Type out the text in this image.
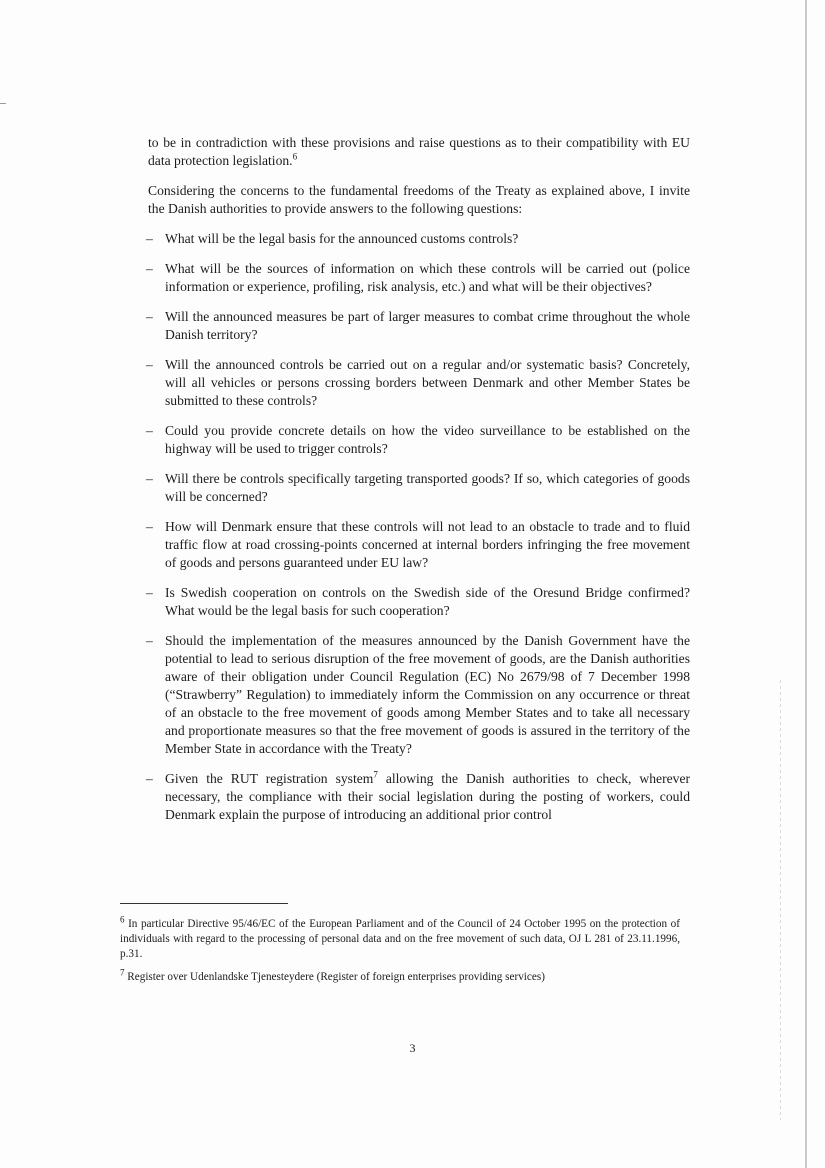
to be in contradiction with these provisions and raise questions as to their compatibility with EU data protection legislation.$^6$

Considering the concerns to the fundamental freedoms of the Treaty as explained above, I invite the Danish authorities to provide answers to the following questions:

– What will be the legal basis for the announced customs controls?
– What will be the sources of information on which these controls will be carried out (police information or experience, profiling, risk analysis, etc.) and what will be their objectives?
– Will the announced measures be part of larger measures to combat crime throughout the whole Danish territory?
– Will the announced controls be carried out on a regular and/or systematic basis? Concretely, will all vehicles or persons crossing borders between Denmark and other Member States be submitted to these controls?
– Could you provide concrete details on how the video surveillance to be established on the highway will be used to trigger controls?
– Will there be controls specifically targeting transported goods? If so, which categories of goods will be concerned?
– How will Denmark ensure that these controls will not lead to an obstacle to trade and to fluid traffic flow at road crossing-points concerned at internal borders infringing the free movement of goods and persons guaranteed under EU law?
– Is Swedish cooperation on controls on the Swedish side of the Oresund Bridge confirmed? What would be the legal basis for such cooperation?
– Should the implementation of the measures announced by the Danish Government have the potential to lead to serious disruption of the free movement of goods, are the Danish authorities aware of their obligation under Council Regulation (EC) No 2679/98 of 7 December 1998 (“Strawberry” Regulation) to immediately inform the Commission on any occurrence or threat of an obstacle to the free movement of goods among Member States and to take all necessary and proportionate measures so that the free movement of goods is assured in the territory of the Member State in accordance with the Treaty?
– Given the RUT registration system$^7$ allowing the Danish authorities to check, wherever necessary, the compliance with their social legislation during the posting of workers, could Denmark explain the purpose of introducing an additional prior control
$^6$ In particular Directive 95/46/EC of the European Parliament and of the Council of 24 October 1995 on the protection of individuals with regard to the processing of personal data and on the free movement of such data, OJ L 281 of 23.11.1996, p.31.
$^7$ Register over Udenlandske Tjenesteydere (Register of foreign enterprises providing services)
3
